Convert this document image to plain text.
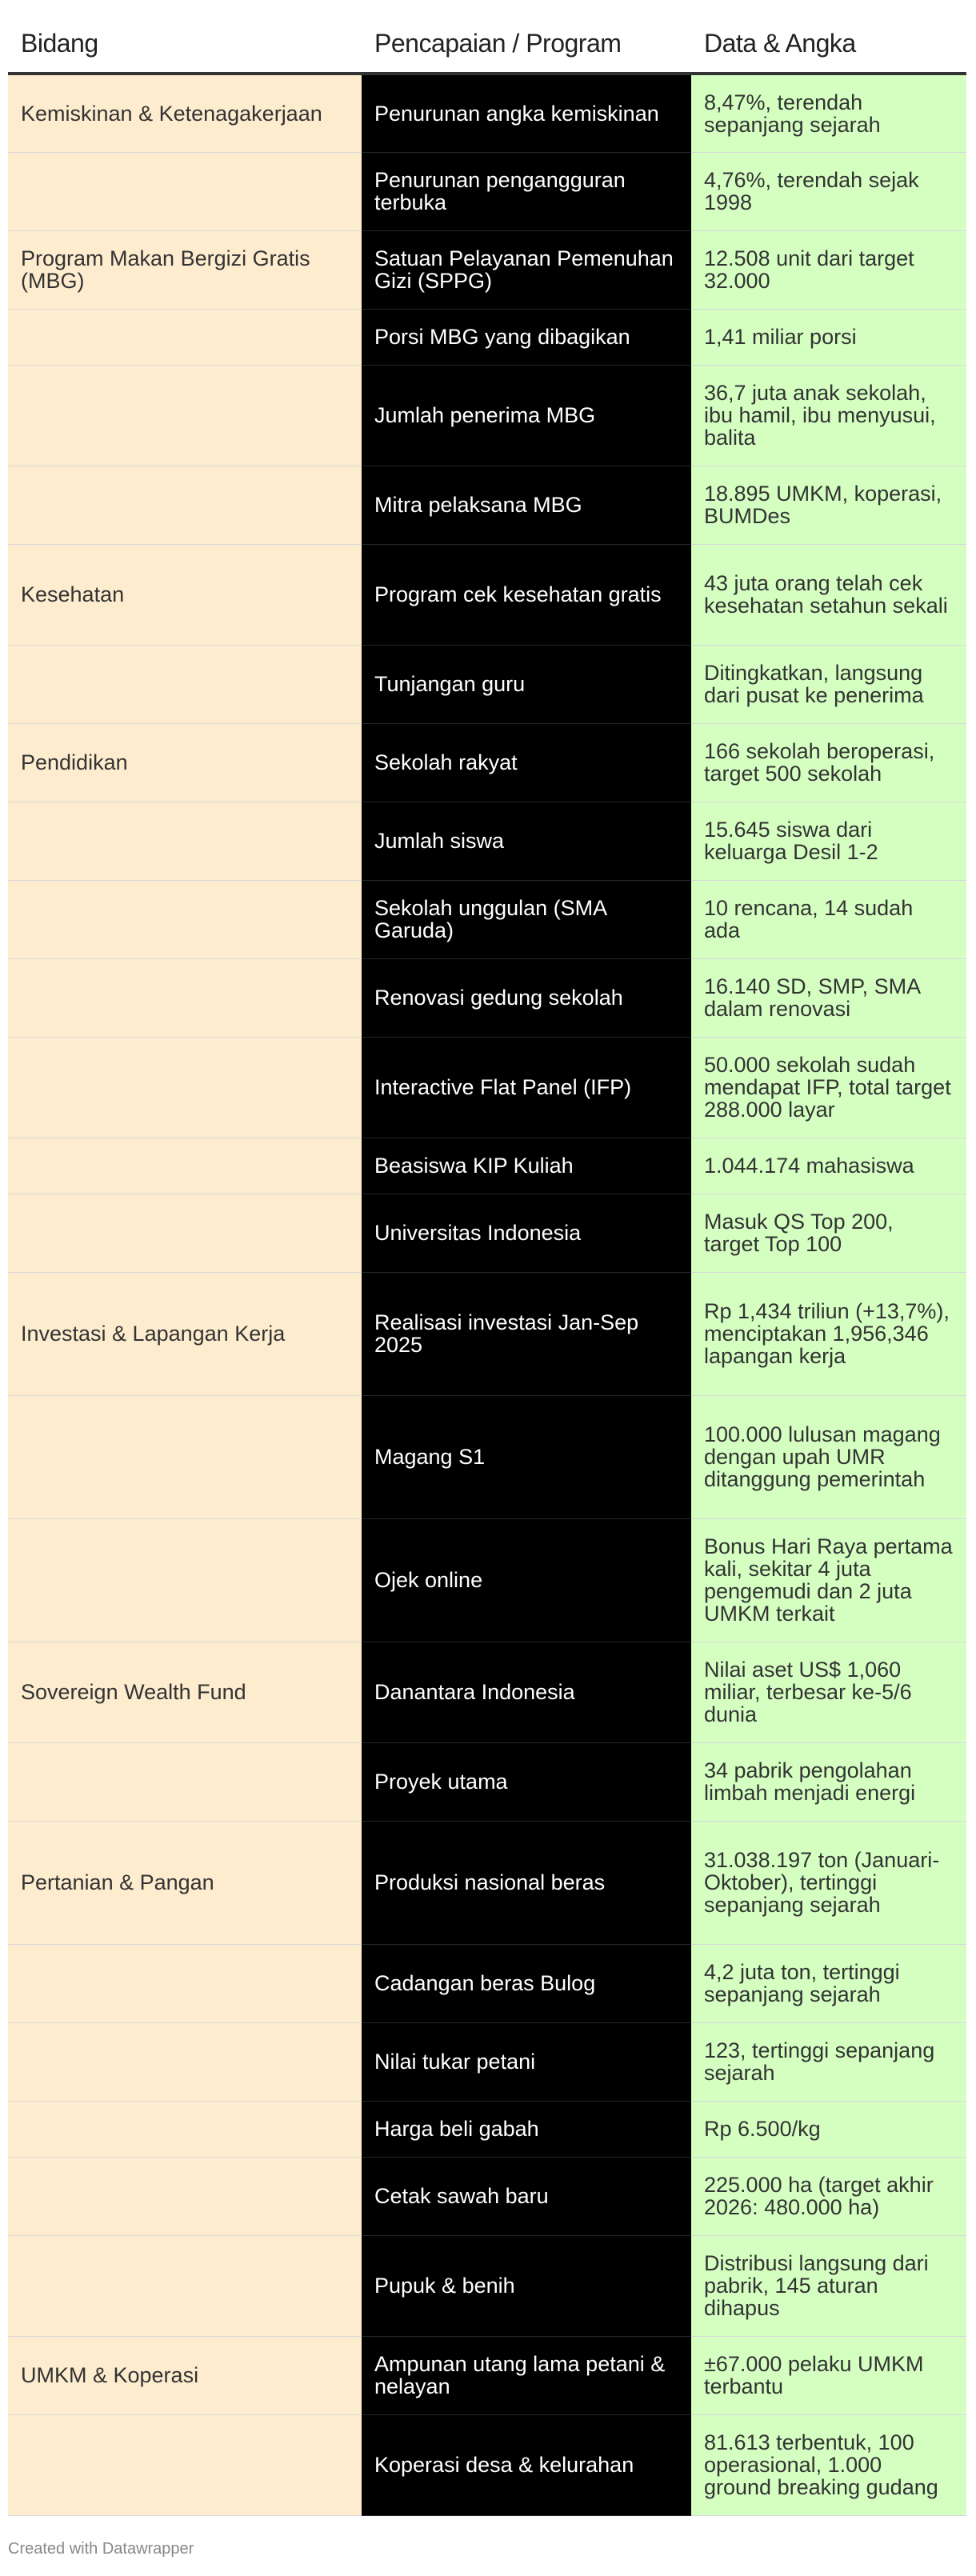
Bidang	Pencapaian / Program	Data & Angka
Kemiskinan & Ketenagakerjaan	Penurunan angka kemiskinan	8,47%, terendah sepanjang sejarah
	Penurunan pengangguran terbuka	4,76%, terendah sejak 1998
Program Makan Bergizi Gratis (MBG)	Satuan Pelayanan Pemenuhan Gizi (SPPG)	12.508 unit dari target 32.000
	Porsi MBG yang dibagikan	1,41 miliar porsi
	Jumlah penerima MBG	36,7 juta anak sekolah, ibu hamil, ibu menyusui, balita
	Mitra pelaksana MBG	18.895 UMKM, koperasi, BUMDes
Kesehatan	Program cek kesehatan gratis	43 juta orang telah cek kesehatan setahun sekali
	Tunjangan guru	Ditingkatkan, langsung dari pusat ke penerima
Pendidikan	Sekolah rakyat	166 sekolah beroperasi, target 500 sekolah
	Jumlah siswa	15.645 siswa dari keluarga Desil 1-2
	Sekolah unggulan (SMA Garuda)	10 rencana, 14 sudah ada
	Renovasi gedung sekolah	16.140 SD, SMP, SMA dalam renovasi
	Interactive Flat Panel (IFP)	50.000 sekolah sudah mendapat IFP, total target 288.000 layar
	Beasiswa KIP Kuliah	1.044.174 mahasiswa
	Universitas Indonesia	Masuk QS Top 200, target Top 100
Investasi & Lapangan Kerja	Realisasi investasi Jan-Sep 2025	Rp 1,434 triliun (+13,7%), menciptakan 1,956,346 lapangan kerja
	Magang S1	100.000 lulusan magang dengan upah UMR ditanggung pemerintah
	Ojek online	Bonus Hari Raya pertama kali, sekitar 4 juta pengemudi dan 2 juta UMKM terkait
Sovereign Wealth Fund	Danantara Indonesia	Nilai aset US$ 1,060 miliar, terbesar ke-5/6 dunia
	Proyek utama	34 pabrik pengolahan limbah menjadi energi
Pertanian & Pangan	Produksi nasional beras	31.038.197 ton (Januari-Oktober), tertinggi sepanjang sejarah
	Cadangan beras Bulog	4,2 juta ton, tertinggi sepanjang sejarah
	Nilai tukar petani	123, tertinggi sepanjang sejarah
	Harga beli gabah	Rp 6.500/kg
	Cetak sawah baru	225.000 ha (target akhir 2026: 480.000 ha)
	Pupuk & benih	Distribusi langsung dari pabrik, 145 aturan dihapus
UMKM & Koperasi	Ampunan utang lama petani & nelayan	±67.000 pelaku UMKM terbantu
	Koperasi desa & kelurahan	81.613 terbentuk, 100 operasional, 1.000 ground breaking gudang
Created with Datawrapper
